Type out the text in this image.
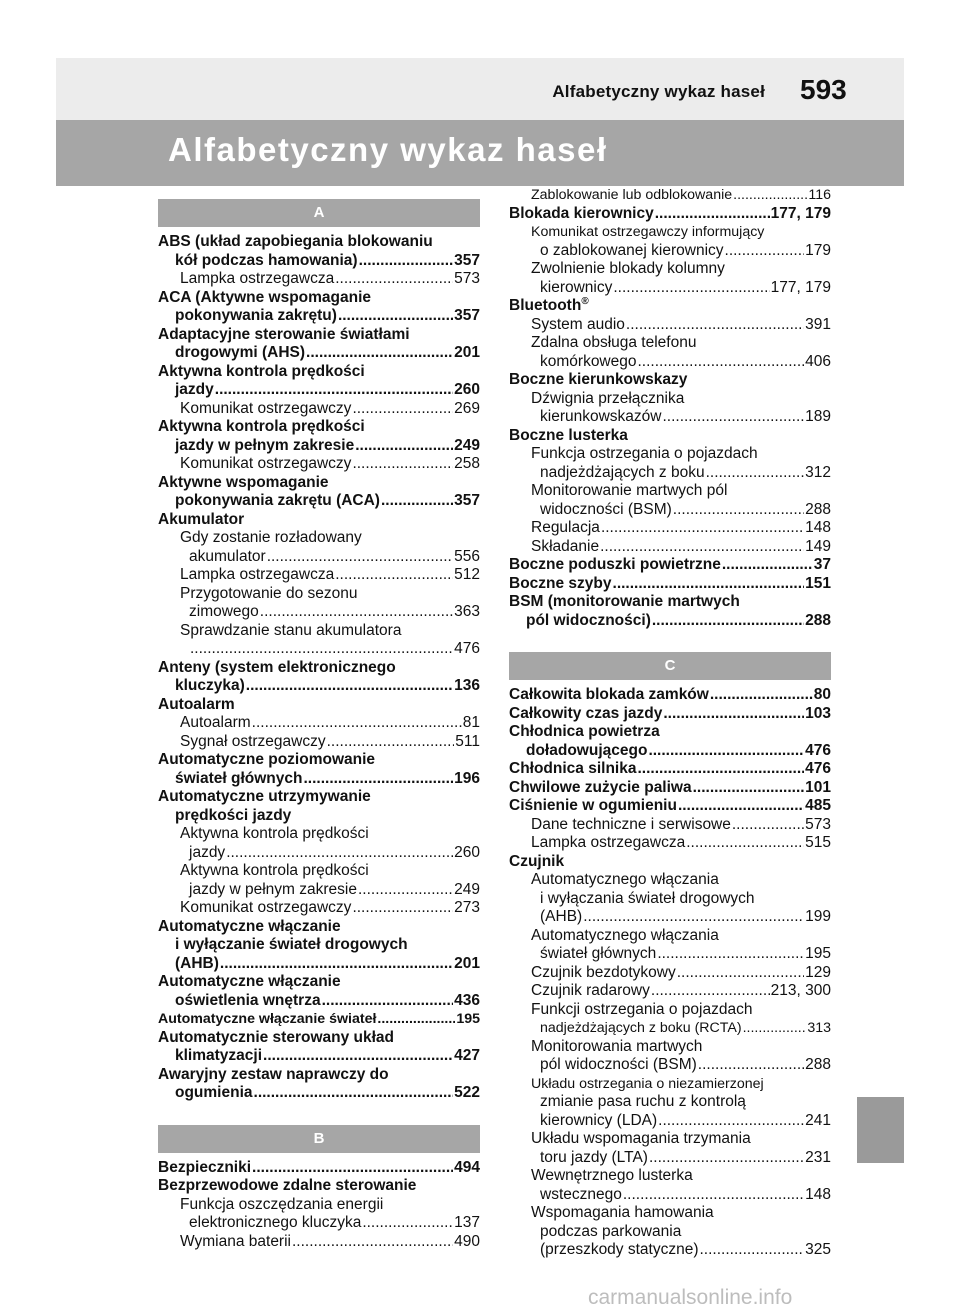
Alfabetyczny wykaz haseł 593
Alfabetyczny wykaz haseł
A
ABS (układ zapobiegania blokowaniu
kół podczas hamowania) .....	357
Lampka ostrzegawcza .....	573
ACA (Aktywne wspomaganie
pokonywania zakrętu) .....	357
Adaptacyjne sterowanie światłami
drogowymi (AHS) .....	201
Aktywna kontrola prędkości
jazdy .....	260
Komunikat ostrzegawczy .....	269
Aktywna kontrola prędkości
jazdy w pełnym zakresie .....	249
Komunikat ostrzegawczy .....	258
Aktywne wspomaganie
pokonywania zakrętu (ACA) .....	357
Akumulator
Gdy zostanie rozładowany
akumulator .....	556
Lampka ostrzegawcza .....	512
Przygotowanie do sezonu
zimowego .....	363
Sprawdzanie stanu akumulatora
.....
476
Anteny (system elektronicznego
kluczyka) .....	136
Autoalarm
Autoalarm .....	81
Sygnał ostrzegawczy .....	511
Automatyczne poziomowanie
świateł głównych .....	196
Automatyczne utrzymywanie
prędkości jazdy
Aktywna kontrola prędkości
jazdy .....	260
Aktywna kontrola prędkości
jazdy w pełnym zakresie .....	249
Komunikat ostrzegawczy .....	273
Automatyczne włączanie
i wyłączanie świateł drogowych
(AHB) .....	201
Automatyczne włączanie
oświetlenia wnętrza .....	436
Automatyczne włączanie świateł .....	195
Automatycznie sterowany układ
klimatyzacji .....	427
Awaryjny zestaw naprawczy do
ogumienia .....	522
B
Bezpieczniki .....	494
Bezprzewodowe zdalne sterowanie
Funkcja oszczędzania energii
elektronicznego kluczyka .....	137
Wymiana baterii .....	490
Zablokowanie lub odblokowanie .....	116
Blokada kierownicy .....	177, 179
Komunikat ostrzegawczy informujący
o zablokowanej kierownicy .....	179
Zwolnienie blokady kolumny
kierownicy .....	177, 179
Bluetooth®
System audio .....	391
Zdalna obsługa telefonu
komórkowego .....	406
Boczne kierunkowskazy
Dźwignia przełącznika
kierunkowskazów .....	189
Boczne lusterka
Funkcja ostrzegania o pojazdach
nadjeżdżających z boku .....	312
Monitorowanie martwych pól
widoczności (BSM) .....	288
Regulacja .....	148
Składanie .....	149
Boczne poduszki powietrzne .....	37
Boczne szyby .....	151
BSM (monitorowanie martwych
pól widoczności) .....	288
C
Całkowita blokada zamków .....	80
Całkowity czas jazdy .....	103
Chłodnica powietrza
doładowującego .....	476
Chłodnica silnika .....	476
Chwilowe zużycie paliwa .....	101
Ciśnienie w ogumieniu .....	485
Dane techniczne i serwisowe .....	573
Lampka ostrzegawcza .....	515
Czujnik
Automatycznego włączania
i wyłączania świateł drogowych
(AHB) .....	199
Automatycznego włączania
świateł głównych .....	195
Czujnik bezdotykowy .....	129
Czujnik radarowy .....	213, 300
Funkcji ostrzegania o pojazdach
nadjeżdżających z boku (RCTA) .....	313
Monitorowania martwych
pól widoczności (BSM) .....	288
Układu ostrzegania o niezamierzonej
zmianie pasa ruchu z kontrolą
kierownicy (LDA) .....	241
Układu wspomagania trzymania
toru jazdy (LTA) .....	231
Wewnętrznego lusterka
wstecznego .....	148
Wspomagania hamowania
podczas parkowania
(przeszkody statyczne) .....	325
carmanualsonline.info
